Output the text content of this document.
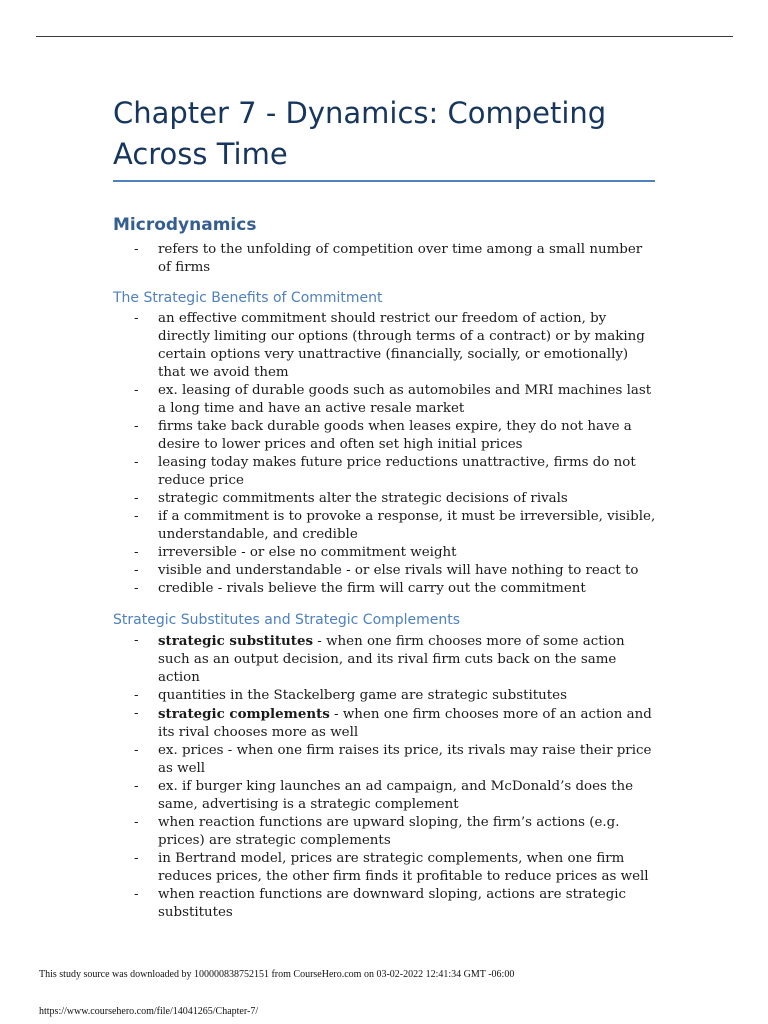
Chapter 7 - Dynamics: Competing Across Time
Microdynamics
- refers to the unfolding of competition over time among a small number of firms
The Strategic Benefits of Commitment
- an effective commitment should restrict our freedom of action, by directly limiting our options (through terms of a contract) or by making certain options very unattractive (financially, socially, or emotionally) that we avoid them
- ex. leasing of durable goods such as automobiles and MRI machines last a long time and have an active resale market
- firms take back durable goods when leases expire, they do not have a desire to lower prices and often set high initial prices
- leasing today makes future price reductions unattractive, firms do not reduce price
- strategic commitments alter the strategic decisions of rivals
- if a commitment is to provoke a response, it must be irreversible, visible, understandable, and credible
- irreversible - or else no commitment weight
- visible and understandable - or else rivals will have nothing to react to
- credible - rivals believe the firm will carry out the commitment
Strategic Substitutes and Strategic Complements
- strategic substitutes - when one firm chooses more of some action such as an output decision, and its rival firm cuts back on the same action
- quantities in the Stackelberg game are strategic substitutes
- strategic complements - when one firm chooses more of an action and its rival chooses more as well
- ex. prices - when one firm raises its price, its rivals may raise their price as well
- ex. if burger king launches an ad campaign, and McDonald’s does the same, advertising is a strategic complement
- when reaction functions are upward sloping, the firm’s actions (e.g. prices) are strategic complements
- in Bertrand model, prices are strategic complements, when one firm reduces prices, the other firm finds it profitable to reduce prices as well
- when reaction functions are downward sloping, actions are strategic substitutes
This study source was downloaded by 100000838752151 from CourseHero.com on 03-02-2022 12:41:34 GMT -06:00
https://www.coursehero.com/file/14041265/Chapter-7/
